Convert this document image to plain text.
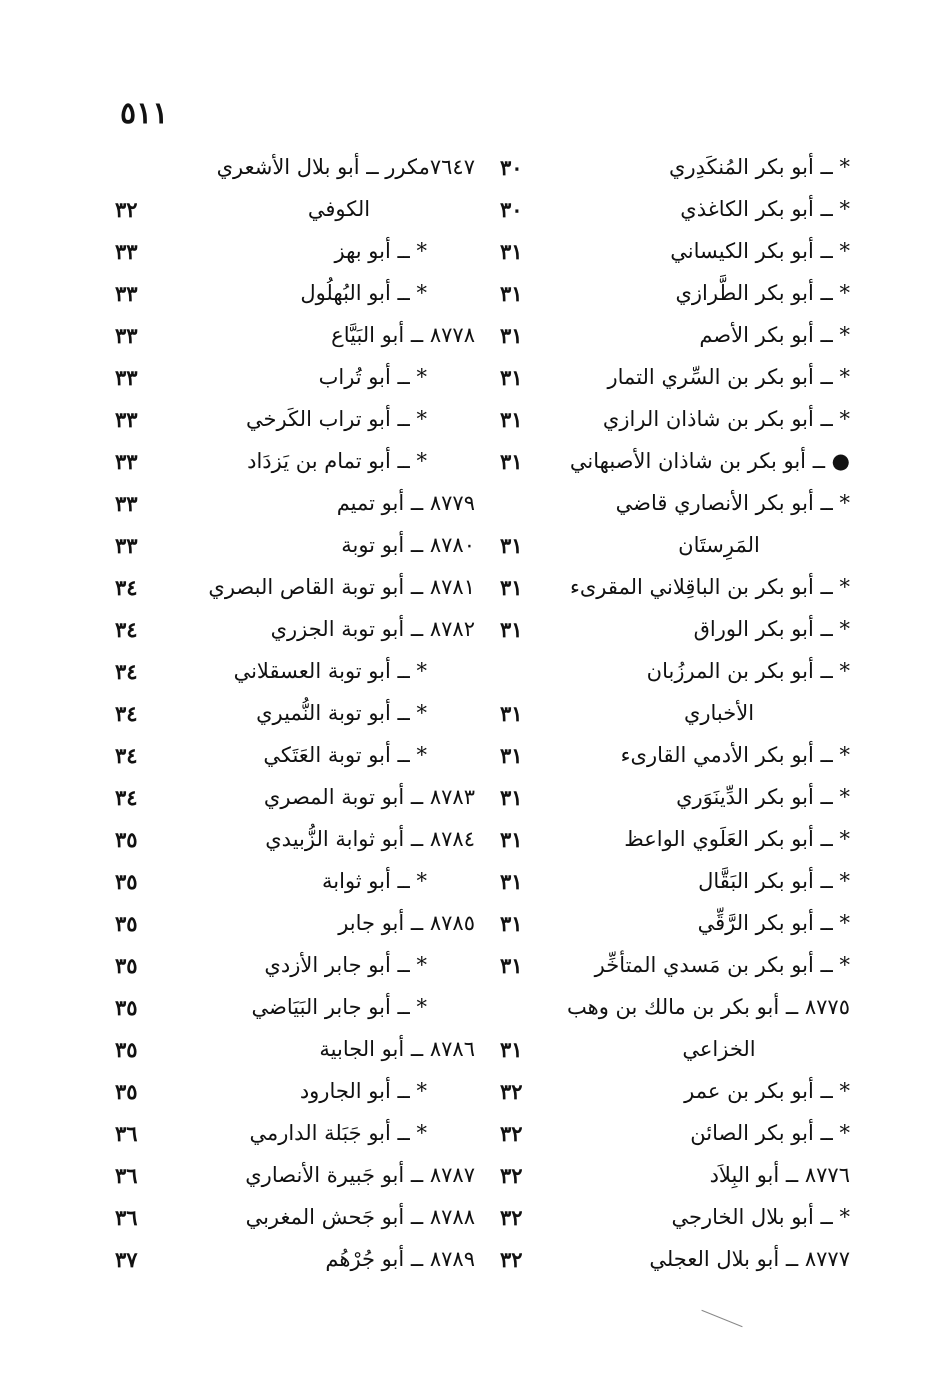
٥١١
* ــ أبو بكر المُنكَدِري
٣٠
* ــ أبو بكر الكاغذي
٣٠
* ــ أبو بكر الكيساني
٣١
* ــ أبو بكر الطَّرازي
٣١
* ــ أبو بكر الأصم
٣١
* ــ أبو بكر بن السِّري التمار
٣١
* ــ أبو بكر بن شاذان الرازي
٣١
● ــ أبو بكر بن شاذان الأصبهاني
٣١
* ــ أبو بكر الأنصاري قاضي
المَرِستَان
٣١
* ــ أبو بكر بن الباقِلاني المقرىء
٣١
* ــ أبو بكر الوراق
٣١
* ــ أبو بكر بن المرزُبان
الأخباري
٣١
* ــ أبو بكر الأدمي القارىء
٣١
* ــ أبو بكر الدِّينَوَري
٣١
* ــ أبو بكر العَلَوي الواعظ
٣١
* ــ أبو بكر البَقَّال
٣١
* ــ أبو بكر الرَّقِّي
٣١
* ــ أبو بكر بن مَسدي المتأخِّر
٣١
٨٧٧٥ ــ أبو بكر بن مالك بن وهب
الخزاعي
٣١
* ــ أبو بكر بن عمر
٣٢
* ــ أبو بكر الصائن
٣٢
٨٧٧٦ ــ أبو البِلاَد
٣٢
* ــ أبو بلال الخارجي
٣٢
٨٧٧٧ ــ أبو بلال العجلي
٣٢
٧٦٤٧مكرر ــ أبو بلال الأشعري
الكوفي
٣٢
* ــ أبو بهز
٣٣
* ــ أبو البُهلُول
٣٣
٨٧٧٨ ــ أبو البَيَّاع
٣٣
* ــ أبو تُراب
٣٣
* ــ أبو تراب الكَرخي
٣٣
* ــ أبو تمام بن يَزدَاد
٣٣
٨٧٧٩ ــ أبو تميم
٣٣
٨٧٨٠ ــ أبو توبة
٣٣
٨٧٨١ ــ أبو توبة القاص البصري
٣٤
٨٧٨٢ ــ أبو توبة الجزري
٣٤
* ــ أبو توبة العسقلاني
٣٤
* ــ أبو توبة النُّميري
٣٤
* ــ أبو توبة العَتَكي
٣٤
٨٧٨٣ ــ أبو توبة المصري
٣٤
٨٧٨٤ ــ أبو ثوابة الزُّبيدي
٣٥
* ــ أبو ثوابة
٣٥
٨٧٨٥ ــ أبو جابر
٣٥
* ــ أبو جابر الأزدي
٣٥
* ــ أبو جابر البَيَاضي
٣٥
٨٧٨٦ ــ أبو الجابية
٣٥
* ــ أبو الجارود
٣٥
* ــ أبو جَبَلة الدارمي
٣٦
٨٧٨٧ ــ أبو جَبيرة الأنصاري
٣٦
٨٧٨٨ ــ أبو جَحش المغربي
٣٦
٨٧٨٩ ــ أبو جُرْهُم
٣٧
